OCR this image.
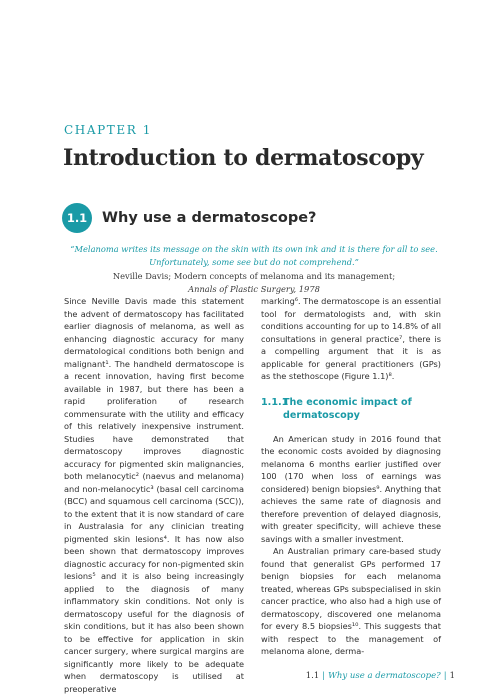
CHAPTER 1
Introduction to dermatoscopy
1.1	Why use a dermatoscope?
“Melanoma writes its message on the skin with its own ink and it is there for all to see. Unfortunately, some see but do not comprehend.”
Neville Davis; Modern concepts of melanoma and its management;
Annals of Plastic Surgery, 1978

Since Neville Davis made this statement the advent of dermatoscopy has facilitated earlier diagnosis of melanoma, as well as enhancing diagnostic accuracy for many dermatological conditions both benign and malignant¹. The handheld dermatoscope is a recent innovation, having first become available in 1987, but there has been a rapid proliferation of research commensurate with the utility and efficacy of this relatively inexpensive instrument. Studies have demonstrated that dermatoscopy improves diagnostic accuracy for pigmented skin malignancies, both melanocytic² (naevus and melanoma) and non-melanocytic³ (basal cell carcinoma (BCC) and squamous cell carcinoma (SCC)), to the extent that it is now standard of care in Australasia for any clinician treating pigmented skin lesions⁴. It has now also been shown that dermatoscopy improves diagnostic accuracy for non-pigmented skin lesions⁵ and it is also being increasingly applied to the diagnosis of many inflammatory skin conditions. Not only is dermatoscopy useful for the diagnosis of skin conditions, but it has also been shown to be effective for application in skin cancer surgery, where surgical margins are significantly more likely to be adequate when dermatoscopy is utilised at preoperative

marking⁶. The dermatoscope is an essential tool for dermatologists and, with skin conditions accounting for up to 14.8% of all consultations in general practice⁷, there is a compelling argument that it is as applicable for general practitioners (GPs) as the stethoscope (Figure 1.1)⁸.

1.1.1
The economic impact of dermatoscopy

An American study in 2016 found that the economic costs avoided by diagnosing melanoma 6 months earlier justified over 100 (170 when loss of earnings was considered) benign biopsies⁹. Anything that achieves the same rate of diagnosis and therefore prevention of delayed diagnosis, with greater specificity, will achieve these savings with a smaller investment.

An Australian primary care-based study found that generalist GPs performed 17 benign biopsies for each melanoma treated, whereas GPs subspecialised in skin cancer practice, who also had a high use of dermatoscopy, discovered one melanoma for every 8.5 biopsies¹⁰. This suggests that with respect to the management of melanoma alone, derma-

1.1 | Why use a dermatoscope? | 1
